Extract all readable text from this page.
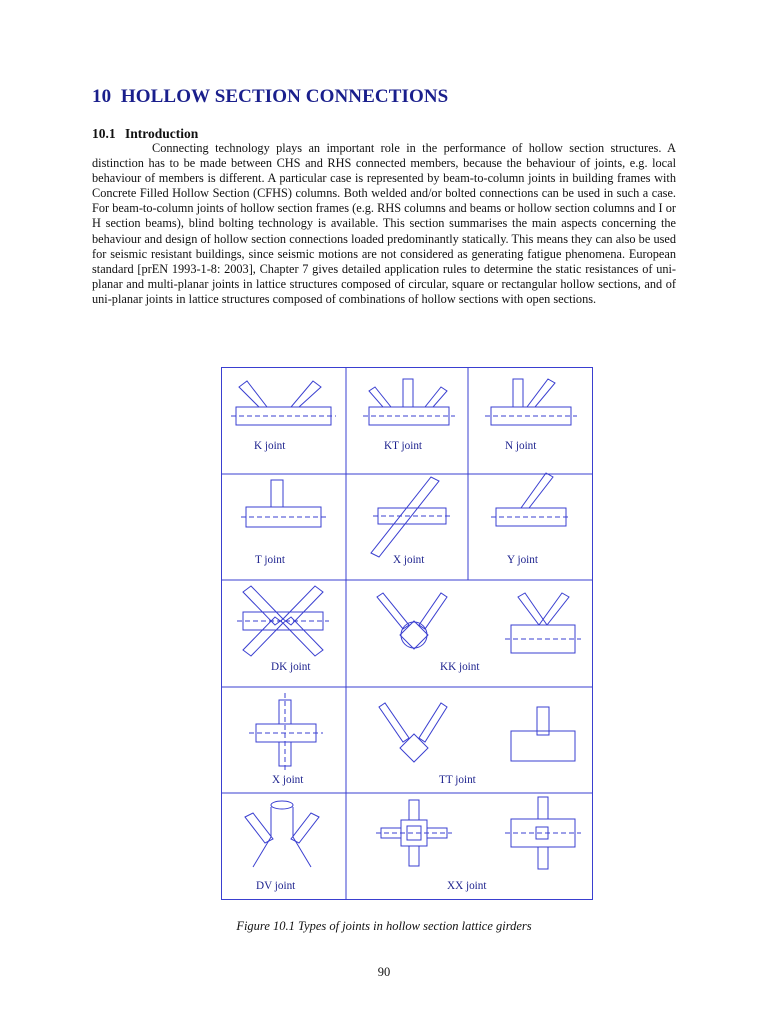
10 HOLLOW SECTION CONNECTIONS
10.1 Introduction

Connecting technology plays an important role in the performance of hollow section structures. A distinction has to be made between CHS and RHS connected members, because the behaviour of joints, e.g. local behaviour of members is different. A particular case is represented by beam-to-column joints in building frames with Concrete Filled Hollow Section (CFHS) columns. Both welded and/or bolted connections can be used in such a case. For beam-to-column joints of hollow section frames (e.g. RHS columns and beams or hollow section columns and I or H section beams), blind bolting technology is available. This section summarises the main aspects concerning the behaviour and design of hollow section connections loaded predominantly statically. This means they can also be used for seismic resistant buildings, since seismic motions are not considered as generating fatigue phenomena. European standard [prEN 1993-1-8: 2003], Chapter 7 gives detailed application rules to determine the static resistances of uni-planar and multi-planar joints in lattice structures composed of circular, square or rectangular hollow sections, and of uni-planar joints in lattice structures composed of combinations of hollow sections with open sections.

K joint	KT joint	N joint
T joint	X joint	Y joint
DK joint	KK joint
X joint	TT joint
DV joint	XX joint
Figure 10.1 Types of joints in hollow section lattice girders
90
